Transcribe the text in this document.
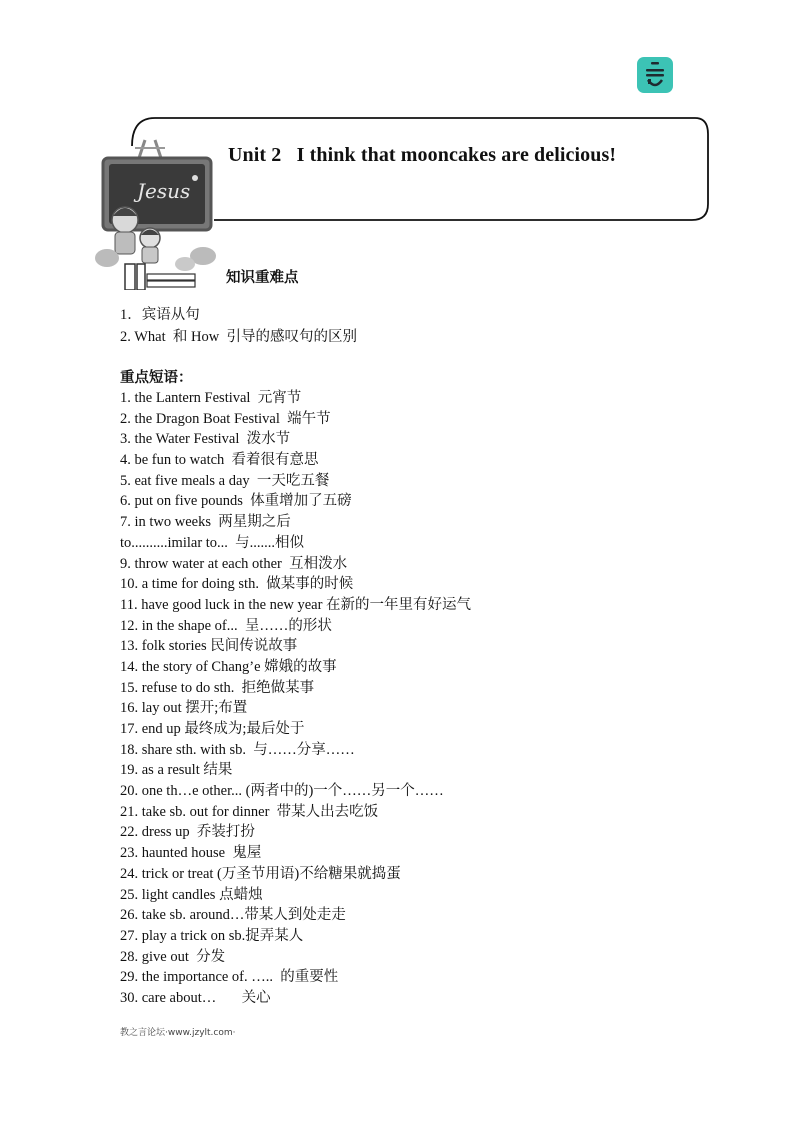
Jesus
Unit 2   I think that mooncakes are delicious!
知识重难点
1．宾语从句
2. What  和 How  引导的感叹句的区别
重点短语：
1. the Lantern Festival  元宵节
2. the Dragon Boat Festival  端午节
3. the Water Festival  泼水节
4. be fun to watch  看着很有意思
5. eat five meals a day  一天吃五餐
6. put on five pounds  体重增加了五磅
7. in two weeks  两星期之后
to..........imilar to...  与.......相似
9. throw water at each other  互相泼水
10. a time for doing sth.  做某事的时候
11. have good luck in the new year 在新的一年里有好运气
12. in the shape of...  呈……的形状
13. folk stories 民间传说故事
14. the story of Chang’e 嫦娥的故事
15. refuse to do sth.  拒绝做某事
16. lay out 摆开;布置
17. end up 最终成为;最后处于
18. share sth. with sb.  与……分享……
19. as a result 结果
20. one th…e other... (两者中的)一个……另一个……
21. take sb. out for dinner  带某人出去吃饭
22. dress up  乔装打扮
23. haunted house  鬼屋
24. trick or treat (万圣节用语)不给糖果就捣蛋
25. light candles 点蜡烛
26. take sb. around…带某人到处走走
27. play a trick on sb.捉弄某人
28. give out  分发
29. the importance of. …..  的重要性
30. care about…       关心
教之言论坛·www.jzylt.com·
